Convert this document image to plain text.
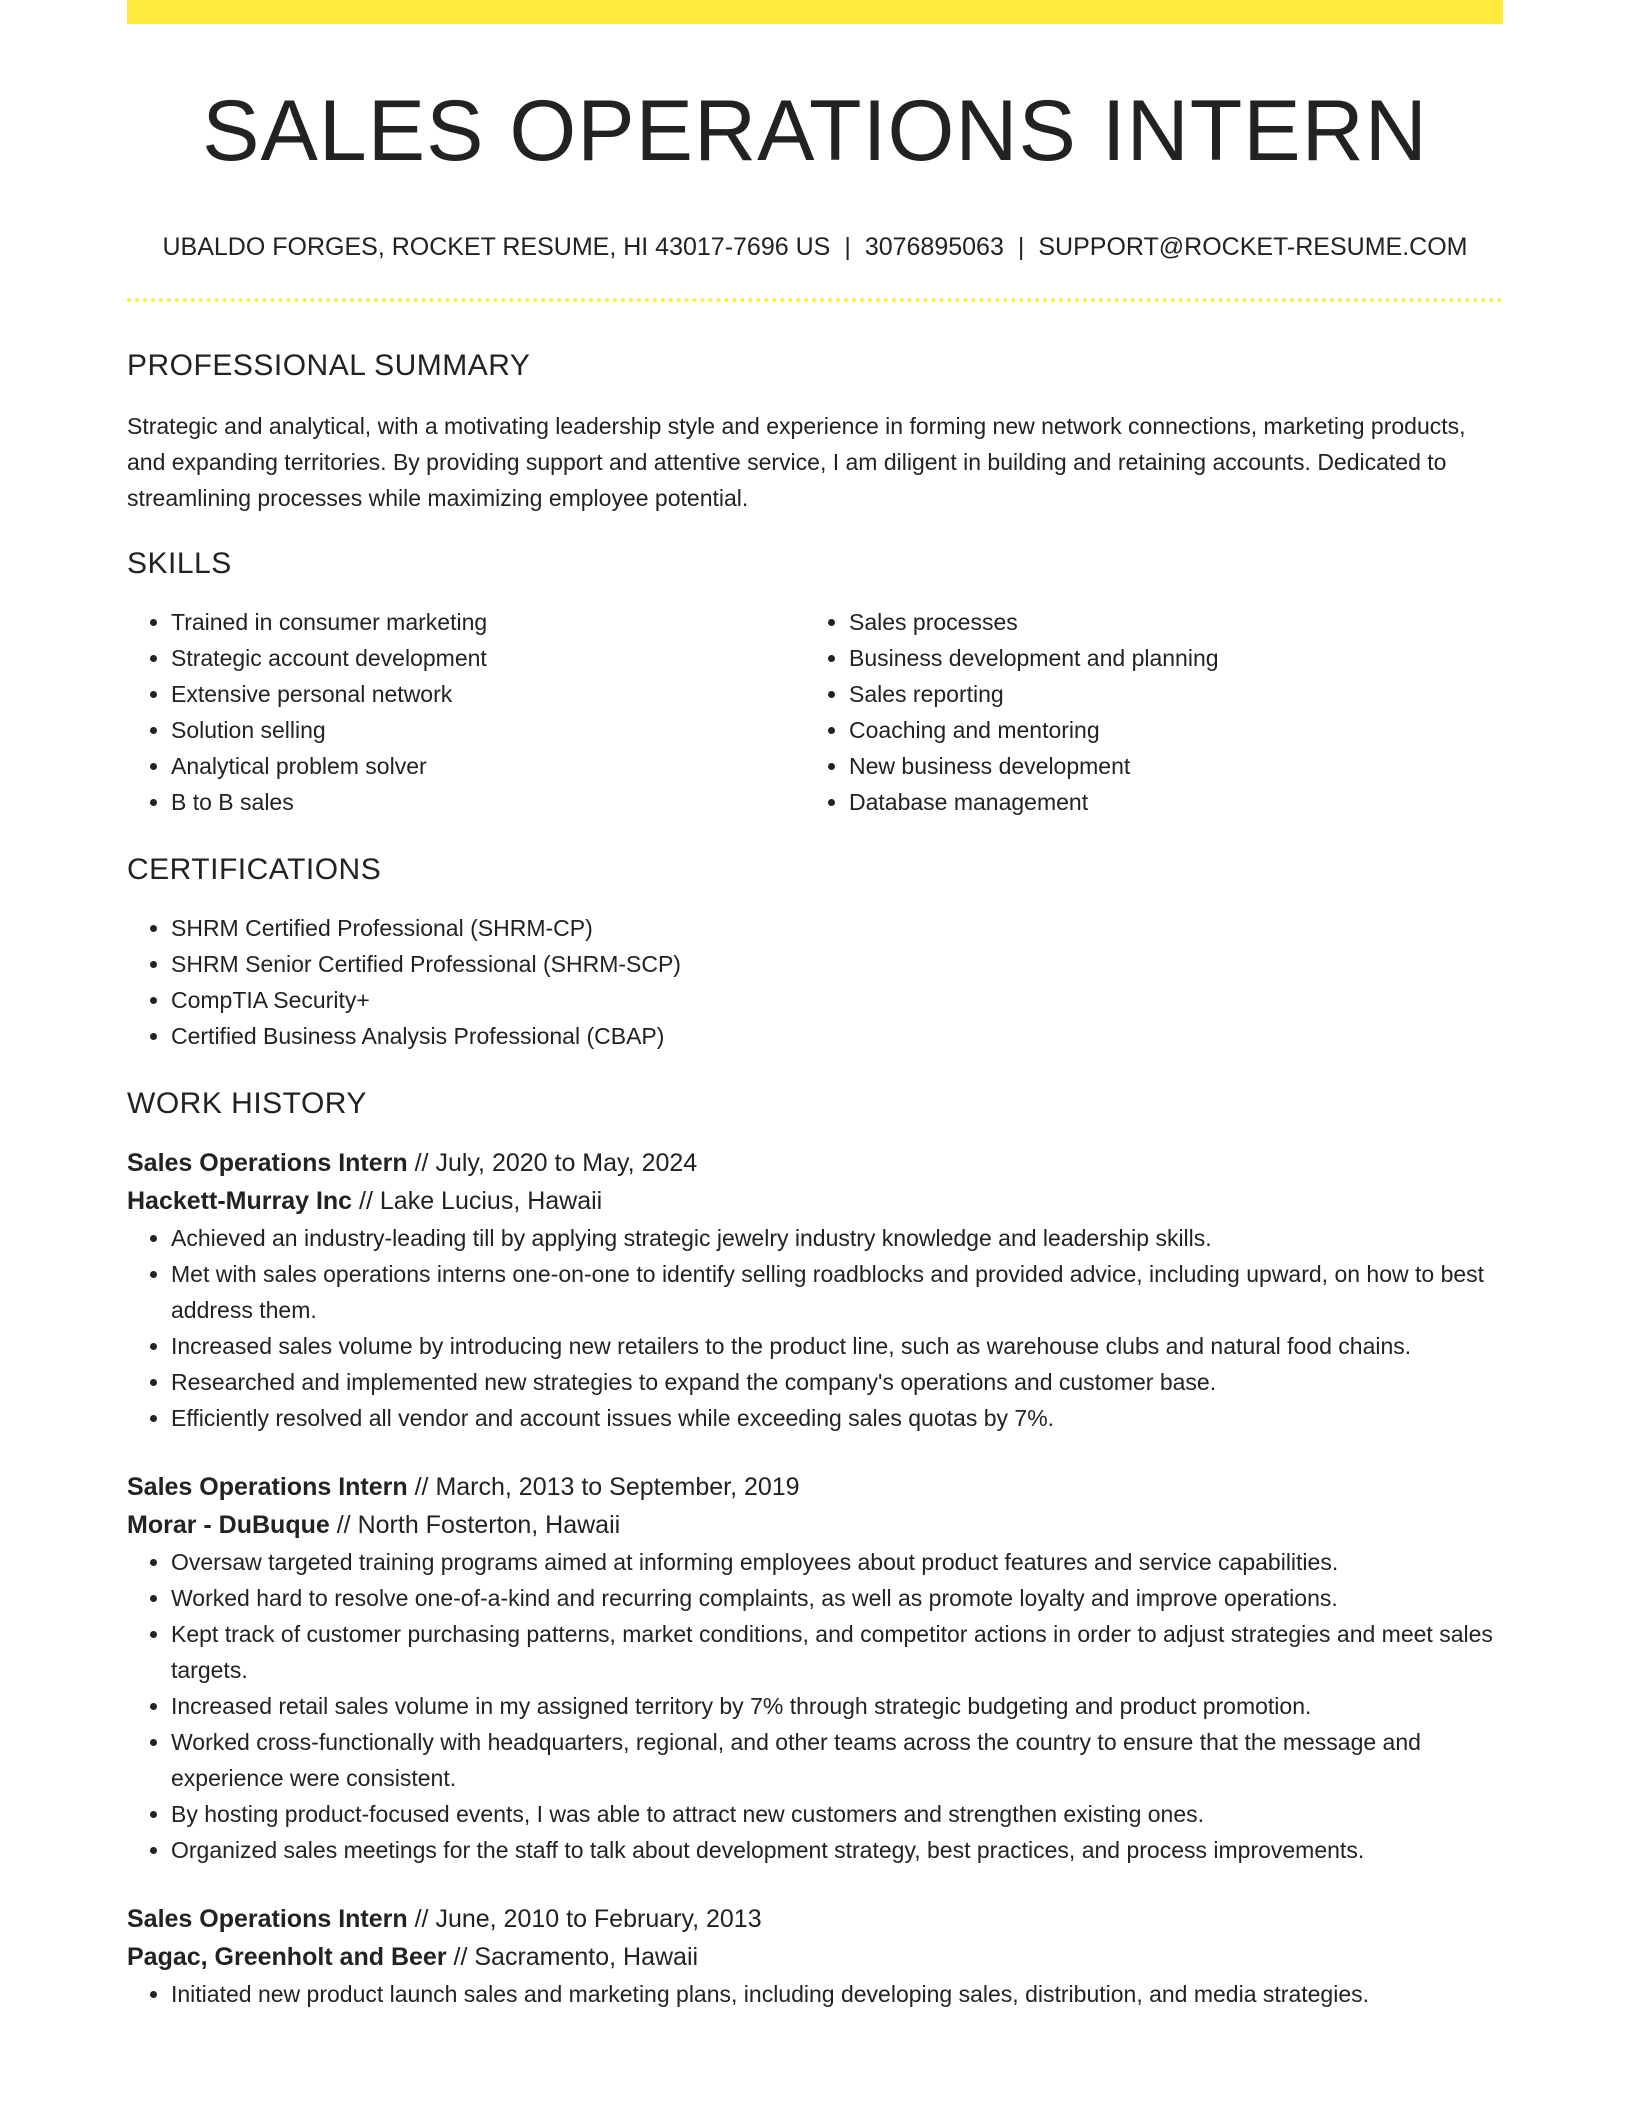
SALES OPERATIONS INTERN
UBALDO FORGES, ROCKET RESUME, HI 43017-7696 US | 3076895063 | SUPPORT@ROCKET-RESUME.COM
PROFESSIONAL SUMMARY

Strategic and analytical, with a motivating leadership style and experience in forming new network connections, marketing products, and expanding territories. By providing support and attentive service, I am diligent in building and retaining accounts. Dedicated to streamlining processes while maximizing employee potential.

SKILLS
• Trained in consumer marketing
• Strategic account development
• Extensive personal network
• Solution selling
• Analytical problem solver
• B to B sales
• Sales processes
• Business development and planning
• Sales reporting
• Coaching and mentoring
• New business development
• Database management
CERTIFICATIONS
• SHRM Certified Professional (SHRM-CP)
• SHRM Senior Certified Professional (SHRM-SCP)
• CompTIA Security+
• Certified Business Analysis Professional (CBAP)
WORK HISTORY
Sales Operations Intern // July, 2020 to May, 2024
Hackett-Murray Inc // Lake Lucius, Hawaii
• Achieved an industry-leading till by applying strategic jewelry industry knowledge and leadership skills.
• Met with sales operations interns one-on-one to identify selling roadblocks and provided advice, including upward, on how to best address them.
• Increased sales volume by introducing new retailers to the product line, such as warehouse clubs and natural food chains.
• Researched and implemented new strategies to expand the company's operations and customer base.
• Efficiently resolved all vendor and account issues while exceeding sales quotas by 7%.
Sales Operations Intern // March, 2013 to September, 2019
Morar - DuBuque // North Fosterton, Hawaii
• Oversaw targeted training programs aimed at informing employees about product features and service capabilities.
• Worked hard to resolve one-of-a-kind and recurring complaints, as well as promote loyalty and improve operations.
• Kept track of customer purchasing patterns, market conditions, and competitor actions in order to adjust strategies and meet sales targets.
• Increased retail sales volume in my assigned territory by 7% through strategic budgeting and product promotion.
• Worked cross-functionally with headquarters, regional, and other teams across the country to ensure that the message and experience were consistent.
• By hosting product-focused events, I was able to attract new customers and strengthen existing ones.
• Organized sales meetings for the staff to talk about development strategy, best practices, and process improvements.
Sales Operations Intern // June, 2010 to February, 2013
Pagac, Greenholt and Beer // Sacramento, Hawaii
• Initiated new product launch sales and marketing plans, including developing sales, distribution, and media strategies.
